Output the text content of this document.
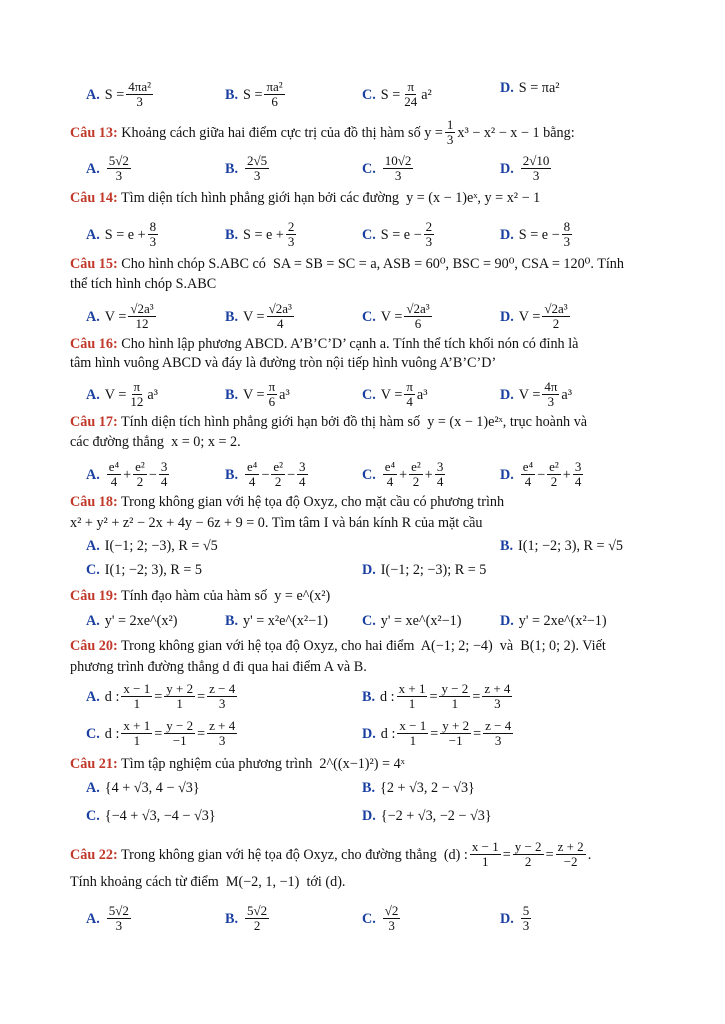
A. $S = \frac{\text{4πa²}}{3}$	B. $S = \frac{\text{πa²}}{6}$	C. $S = \frac{\pi}{24} a^2$	D. S = πa²
Câu 13: Khoảng cách giữa hai điểm cực trị của đồ thị hàm số $y = \frac{1}{3} x^3 - x^2 - x - 1$ bằng:
A. $\frac{5√2}{3}$	B. $\frac{2√5}{3}$	C. $\frac{10√2}{3}$	D. $\frac{2√10}{3}$
Câu 14: Tìm diện tích hình phẳng giới hạn bởi các đường  y = (x − 1)eˣ, y = x² − 1
A. $S = e + \frac{8}{3}$	B. $S = e + \frac{2}{3}$	C. $S = e - \frac{2}{3}$	D. $S = e - \frac{8}{3}$
Câu 15: Cho hình chóp S.ABC có  SA = SB = SC = a, ASB = 60⁰, BSC = 90⁰, CSA = 120⁰. Tính
thể tích hình chóp S.ABC
A. $V = \frac{\text{√2a³}}{12}$	B. $V = \frac{\text{√2a³}}{4}$	C. $V = \frac{\text{√2a³}}{6}$	D. $V = \frac{\text{√2a³}}{2}$
Câu 16: Cho hình lập phương ABCD. A’B’C’D’ cạnh a. Tính thể tích khối nón có đỉnh là
tâm hình vuông ABCD và đáy là đường tròn nội tiếp hình vuông A’B’C’D’
A. $V = \frac{\pi}{12} a^3$	B. $V = \frac{\pi}{6} a^3$	C. $V = \frac{\pi}{4} a^3$	D. $V = \frac{4\pi}{3} a^3$
Câu 17: Tính diện tích hình phẳng giới hạn bởi đồ thị hàm số  y = (x − 1)e²ˣ, trục hoành và
các đường thẳng  x = 0; x = 2.
A. $\frac{\text{e⁴}}{4} + \frac{\text{e²}}{2} - \frac{3}{4}$	B. $\frac{\text{e⁴}}{4} - \frac{\text{e²}}{2} - \frac{3}{4}$	C. $\frac{\text{e⁴}}{4} + \frac{\text{e²}}{2} + \frac{3}{4}$	D. $\frac{\text{e⁴}}{4} - \frac{\text{e²}}{2} + \frac{3}{4}$
Câu 18: Trong không gian với hệ tọa độ Oxyz, cho mặt cầu có phương trình
x² + y² + z² − 2x + 4y − 6z + 9 = 0. Tìm tâm I và bán kính R của mặt cầu
A. I(−1; 2; −3), R = √5	B. I(1; −2; 3), R = √5
C. I(1; −2; 3), R = 5	D. I(−1; 2; −3); R = 5
Câu 19: Tính đạo hàm của hàm số  y = e^(x²)
A. y' = 2xe^(x²)	B. y' = x²e^(x²−1) C. y' = xe^(x²−1)	D. y' = 2xe^(x²−1)
Câu 20: Trong không gian với hệ tọa độ Oxyz, cho hai điểm  A(−1; 2; −4)  và  B(1; 0; 2). Viết
phương trình đường thẳng d đi qua hai điểm A và B.
A. d : $\frac{x - 1}{1} = \frac{y + 2}{1} = \frac{z - 4}{3}$	B. d : $\frac{x + 1}{1} = \frac{y - 2}{1} = \frac{z + 4}{3}$
C. d : $\frac{x + 1}{1} = \frac{y - 2}{-1} = \frac{z + 4}{3}$	D. d : $\frac{x - 1}{1} = \frac{y + 2}{-1} = \frac{z - 4}{3}$
Câu 21: Tìm tập nghiệm của phương trình  2^((x−1)²) = 4ˣ
A. {4 + √3, 4 − √3}	B. {2 + √3, 2 − √3}
C. {−4 + √3, −4 − √3}	D. {−2 + √3, −2 − √3}
Câu 22: Trong không gian với hệ tọa độ Oxyz, cho đường thẳng  (d) : $\frac{x - 1}{1} = \frac{y - 2}{2} = \frac{z + 2}{-2}$ .
Tính khoảng cách từ điểm  M(−2, 1, −1)  tới (d).
A. $\frac{5√2}{3}$	B. $\frac{5√2}{2}$	C. $\frac{√2}{3}$	D. $\frac{5}{3}$
